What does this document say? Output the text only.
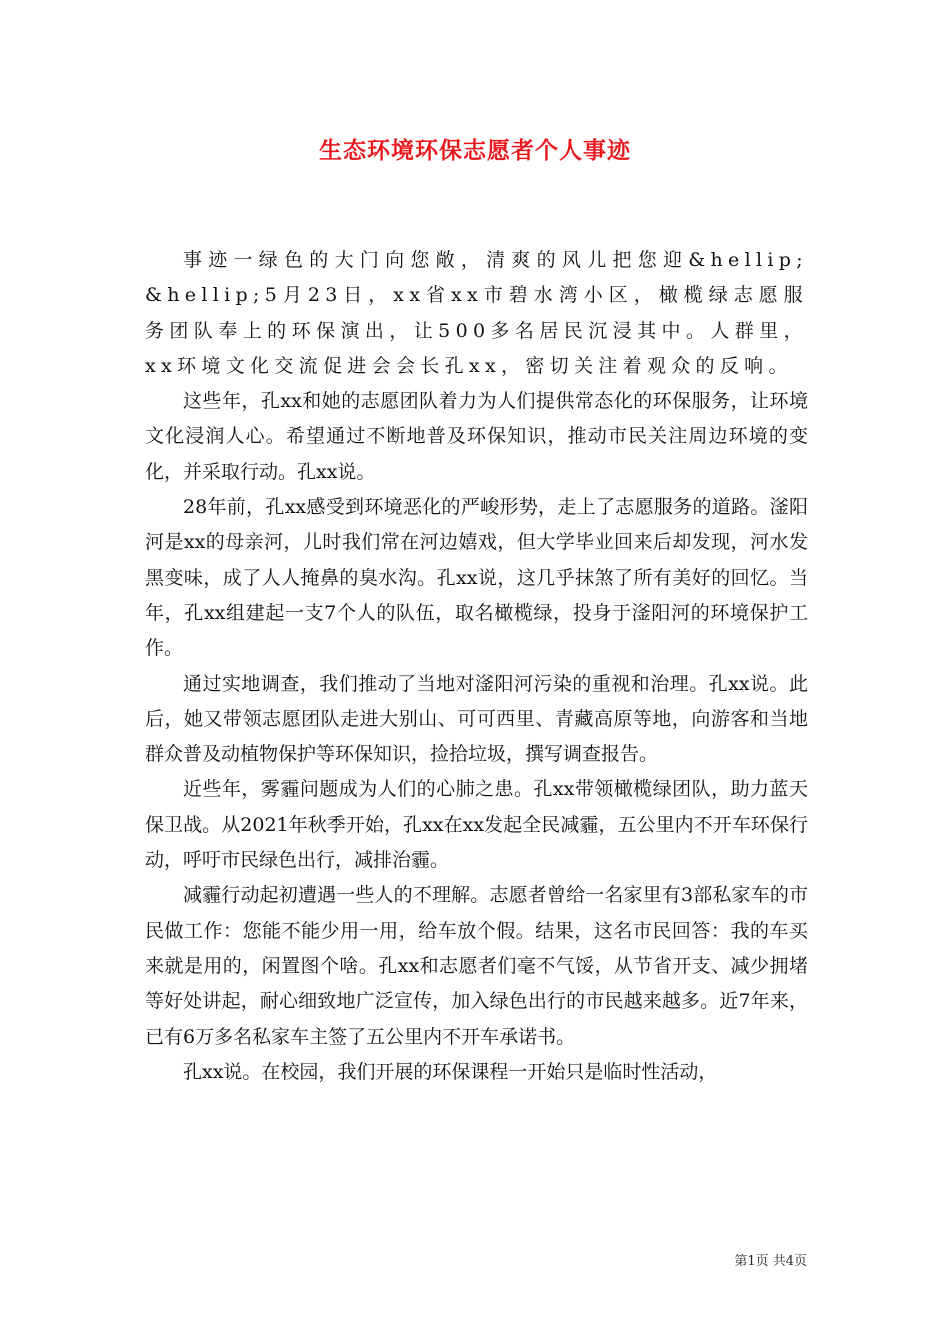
生态环境环保志愿者个人事迹

事迹一绿色的大门向您敞，清爽的风儿把您迎&hellip;&hellip;5月23日，xx省xx市碧水湾小区，橄榄绿志愿服务团队奉上的环保演出，让500多名居民沉浸其中。人群里，xx环境文化交流促进会会长孔xx，密切关注着观众的反响。

这些年，孔xx和她的志愿团队着力为人们提供常态化的环保服务，让环境文化浸润人心。希望通过不断地普及环保知识，推动市民关注周边环境的变化，并采取行动。孔xx说。

28年前，孔xx感受到环境恶化的严峻形势，走上了志愿服务的道路。滏阳河是xx的母亲河，儿时我们常在河边嬉戏，但大学毕业回来后却发现，河水发黑变味，成了人人掩鼻的臭水沟。孔xx说，这几乎抹煞了所有美好的回忆。当年，孔xx组建起一支7个人的队伍，取名橄榄绿，投身于滏阳河的环境保护工作。

通过实地调查，我们推动了当地对滏阳河污染的重视和治理。孔xx说。此后，她又带领志愿团队走进大别山、可可西里、青藏高原等地，向游客和当地群众普及动植物保护等环保知识，捡拾垃圾，撰写调查报告。

近些年，雾霾问题成为人们的心肺之患。孔xx带领橄榄绿团队，助力蓝天保卫战。从2021年秋季开始，孔xx在xx发起全民减霾，五公里内不开车环保行动，呼吁市民绿色出行，减排治霾。

减霾行动起初遭遇一些人的不理解。志愿者曾给一名家里有3部私家车的市民做工作：您能不能少用一用，给车放个假。结果，这名市民回答：我的车买来就是用的，闲置图个啥。孔xx和志愿者们毫不气馁，从节省开支、减少拥堵等好处讲起，耐心细致地广泛宣传，加入绿色出行的市民越来越多。近7年来，已有6万多名私家车主签了五公里内不开车承诺书。

孔xx说。在校园，我们开展的环保课程一开始只是临时性活动，

第1页 共4页
